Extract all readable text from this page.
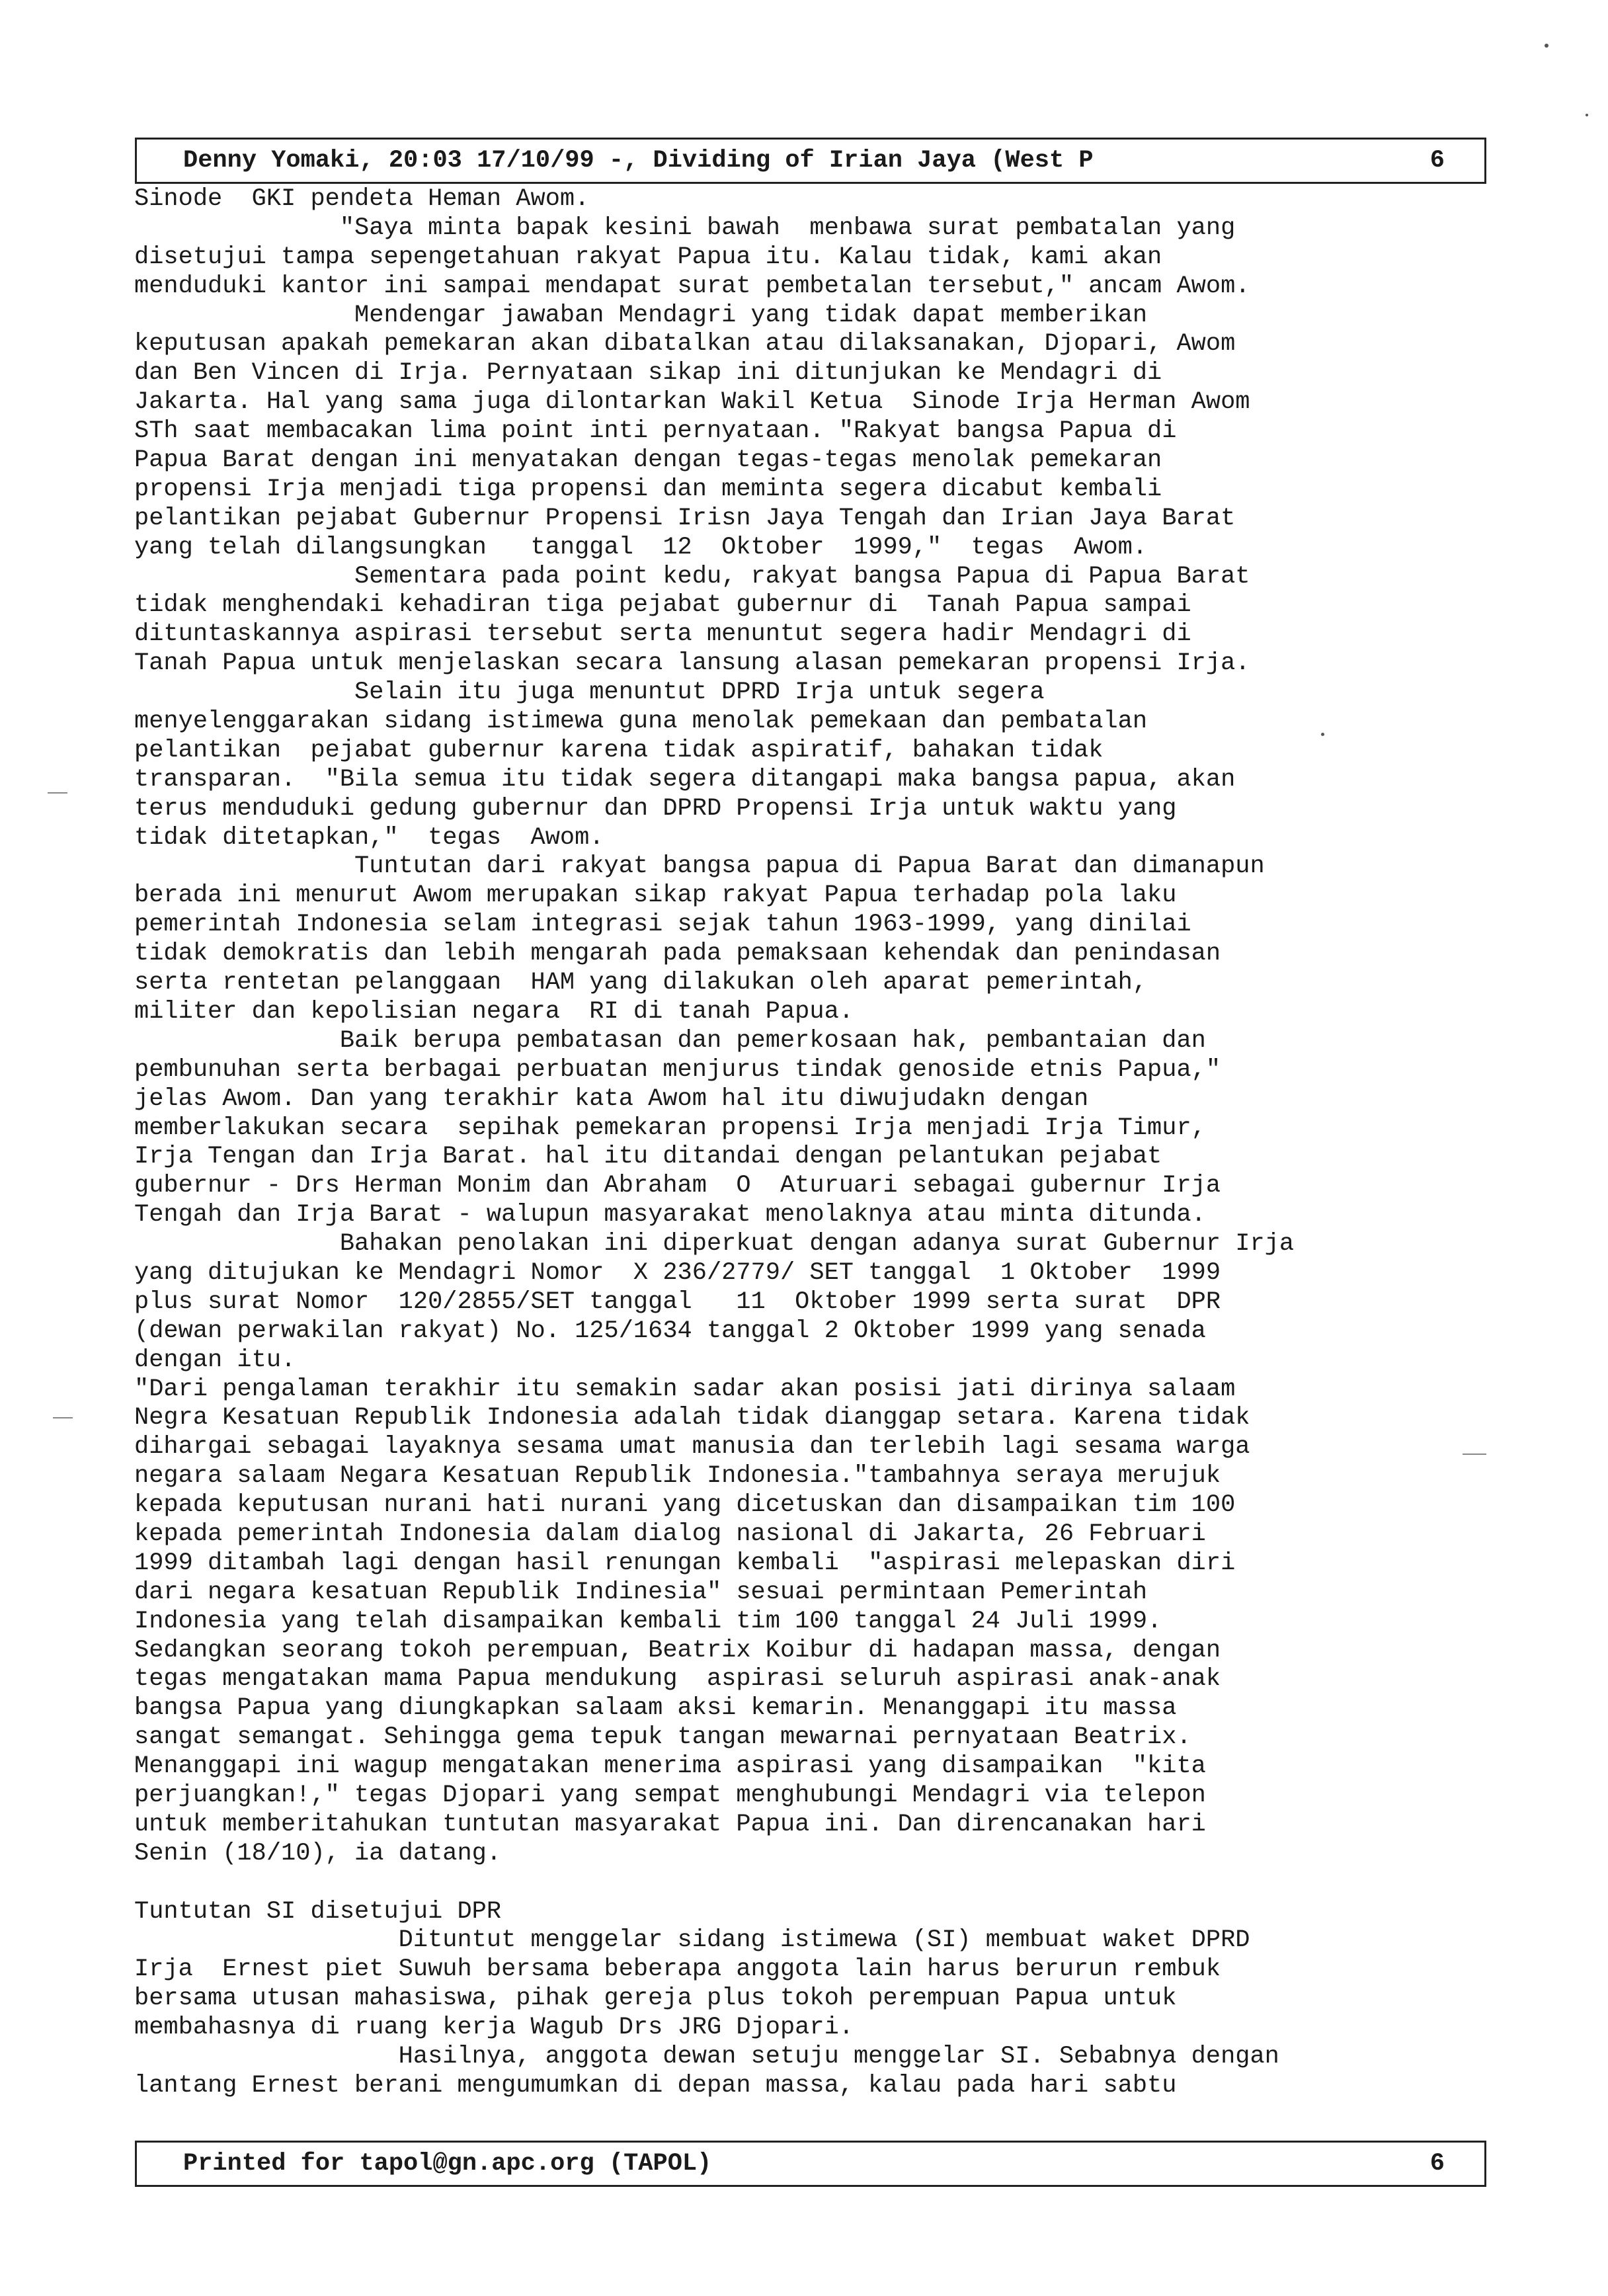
Denny Yomaki, 20:03 17/10/99 -, Dividing of Irian Jaya (West P	6
Sinode  GKI pendeta Heman Awom.
"Saya minta bapak kesini bawah  menbawa surat pembatalan yang
disetujui tampa sepengetahuan rakyat Papua itu. Kalau tidak, kami akan
menduduki kantor ini sampai mendapat surat pembetalan tersebut," ancam Awom.
Mendengar jawaban Mendagri yang tidak dapat memberikan
keputusan apakah pemekaran akan dibatalkan atau dilaksanakan, Djopari, Awom
dan Ben Vincen di Irja. Pernyataan sikap ini ditunjukan ke Mendagri di
Jakarta. Hal yang sama juga dilontarkan Wakil Ketua  Sinode Irja Herman Awom
STh saat membacakan lima point inti pernyataan. "Rakyat bangsa Papua di
Papua Barat dengan ini menyatakan dengan tegas-tegas menolak pemekaran
propensi Irja menjadi tiga propensi dan meminta segera dicabut kembali
pelantikan pejabat Gubernur Propensi Irisn Jaya Tengah dan Irian Jaya Barat
yang telah dilangsungkan   tanggal  12  Oktober  1999,"  tegas  Awom.
Sementara pada point kedu, rakyat bangsa Papua di Papua Barat
tidak menghendaki kehadiran tiga pejabat gubernur di  Tanah Papua sampai
dituntaskannya aspirasi tersebut serta menuntut segera hadir Mendagri di
Tanah Papua untuk menjelaskan secara lansung alasan pemekaran propensi Irja.
Selain itu juga menuntut DPRD Irja untuk segera
menyelenggarakan sidang istimewa guna menolak pemekaan dan pembatalan
pelantikan  pejabat gubernur karena tidak aspiratif, bahakan tidak
transparan.  "Bila semua itu tidak segera ditangapi maka bangsa papua, akan
terus menduduki gedung gubernur dan DPRD Propensi Irja untuk waktu yang
tidak ditetapkan,"  tegas  Awom.
Tuntutan dari rakyat bangsa papua di Papua Barat dan dimanapun
berada ini menurut Awom merupakan sikap rakyat Papua terhadap pola laku
pemerintah Indonesia selam integrasi sejak tahun 1963-1999, yang dinilai
tidak demokratis dan lebih mengarah pada pemaksaan kehendak dan penindasan
serta rentetan pelanggaan  HAM yang dilakukan oleh aparat pemerintah,
militer dan kepolisian negara  RI di tanah Papua.
Baik berupa pembatasan dan pemerkosaan hak, pembantaian dan
pembunuhan serta berbagai perbuatan menjurus tindak genoside etnis Papua,"
jelas Awom. Dan yang terakhir kata Awom hal itu diwujudakn dengan
memberlakukan secara  sepihak pemekaran propensi Irja menjadi Irja Timur,
Irja Tengan dan Irja Barat. hal itu ditandai dengan pelantukan pejabat
gubernur - Drs Herman Monim dan Abraham  O  Aturuari sebagai gubernur Irja
Tengah dan Irja Barat - walupun masyarakat menolaknya atau minta ditunda.
Bahakan penolakan ini diperkuat dengan adanya surat Gubernur Irja
yang ditujukan ke Mendagri Nomor  X 236/2779/ SET tanggal  1 Oktober  1999
plus surat Nomor  120/2855/SET tanggal   11  Oktober 1999 serta surat  DPR
(dewan perwakilan rakyat) No. 125/1634 tanggal 2 Oktober 1999 yang senada
dengan itu.
"Dari pengalaman terakhir itu semakin sadar akan posisi jati dirinya salaam
Negra Kesatuan Republik Indonesia adalah tidak dianggap setara. Karena tidak
dihargai sebagai layaknya sesama umat manusia dan terlebih lagi sesama warga
negara salaam Negara Kesatuan Republik Indonesia."tambahnya seraya merujuk
kepada keputusan nurani hati nurani yang dicetuskan dan disampaikan tim 100
kepada pemerintah Indonesia dalam dialog nasional di Jakarta, 26 Februari
1999 ditambah lagi dengan hasil renungan kembali  "aspirasi melepaskan diri
dari negara kesatuan Republik Indinesia" sesuai permintaan Pemerintah
Indonesia yang telah disampaikan kembali tim 100 tanggal 24 Juli 1999.
Sedangkan seorang tokoh perempuan, Beatrix Koibur di hadapan massa, dengan
tegas mengatakan mama Papua mendukung  aspirasi seluruh aspirasi anak-anak
bangsa Papua yang diungkapkan salaam aksi kemarin. Menanggapi itu massa
sangat semangat. Sehingga gema tepuk tangan mewarnai pernyataan Beatrix.
Menanggapi ini wagup mengatakan menerima aspirasi yang disampaikan  "kita
perjuangkan!," tegas Djopari yang sempat menghubungi Mendagri via telepon
untuk memberitahukan tuntutan masyarakat Papua ini. Dan direncanakan hari
Senin (18/10), ia datang.
Tuntutan SI disetujui DPR
Dituntut menggelar sidang istimewa (SI) membuat waket DPRD
Irja  Ernest piet Suwuh bersama beberapa anggota lain harus berurun rembuk
bersama utusan mahasiswa, pihak gereja plus tokoh perempuan Papua untuk
membahasnya di ruang kerja Wagub Drs JRG Djopari.
Hasilnya, anggota dewan setuju menggelar SI. Sebabnya dengan
lantang Ernest berani mengumumkan di depan massa, kalau pada hari sabtu
Printed for tapol@gn.apc.org (TAPOL)	6
